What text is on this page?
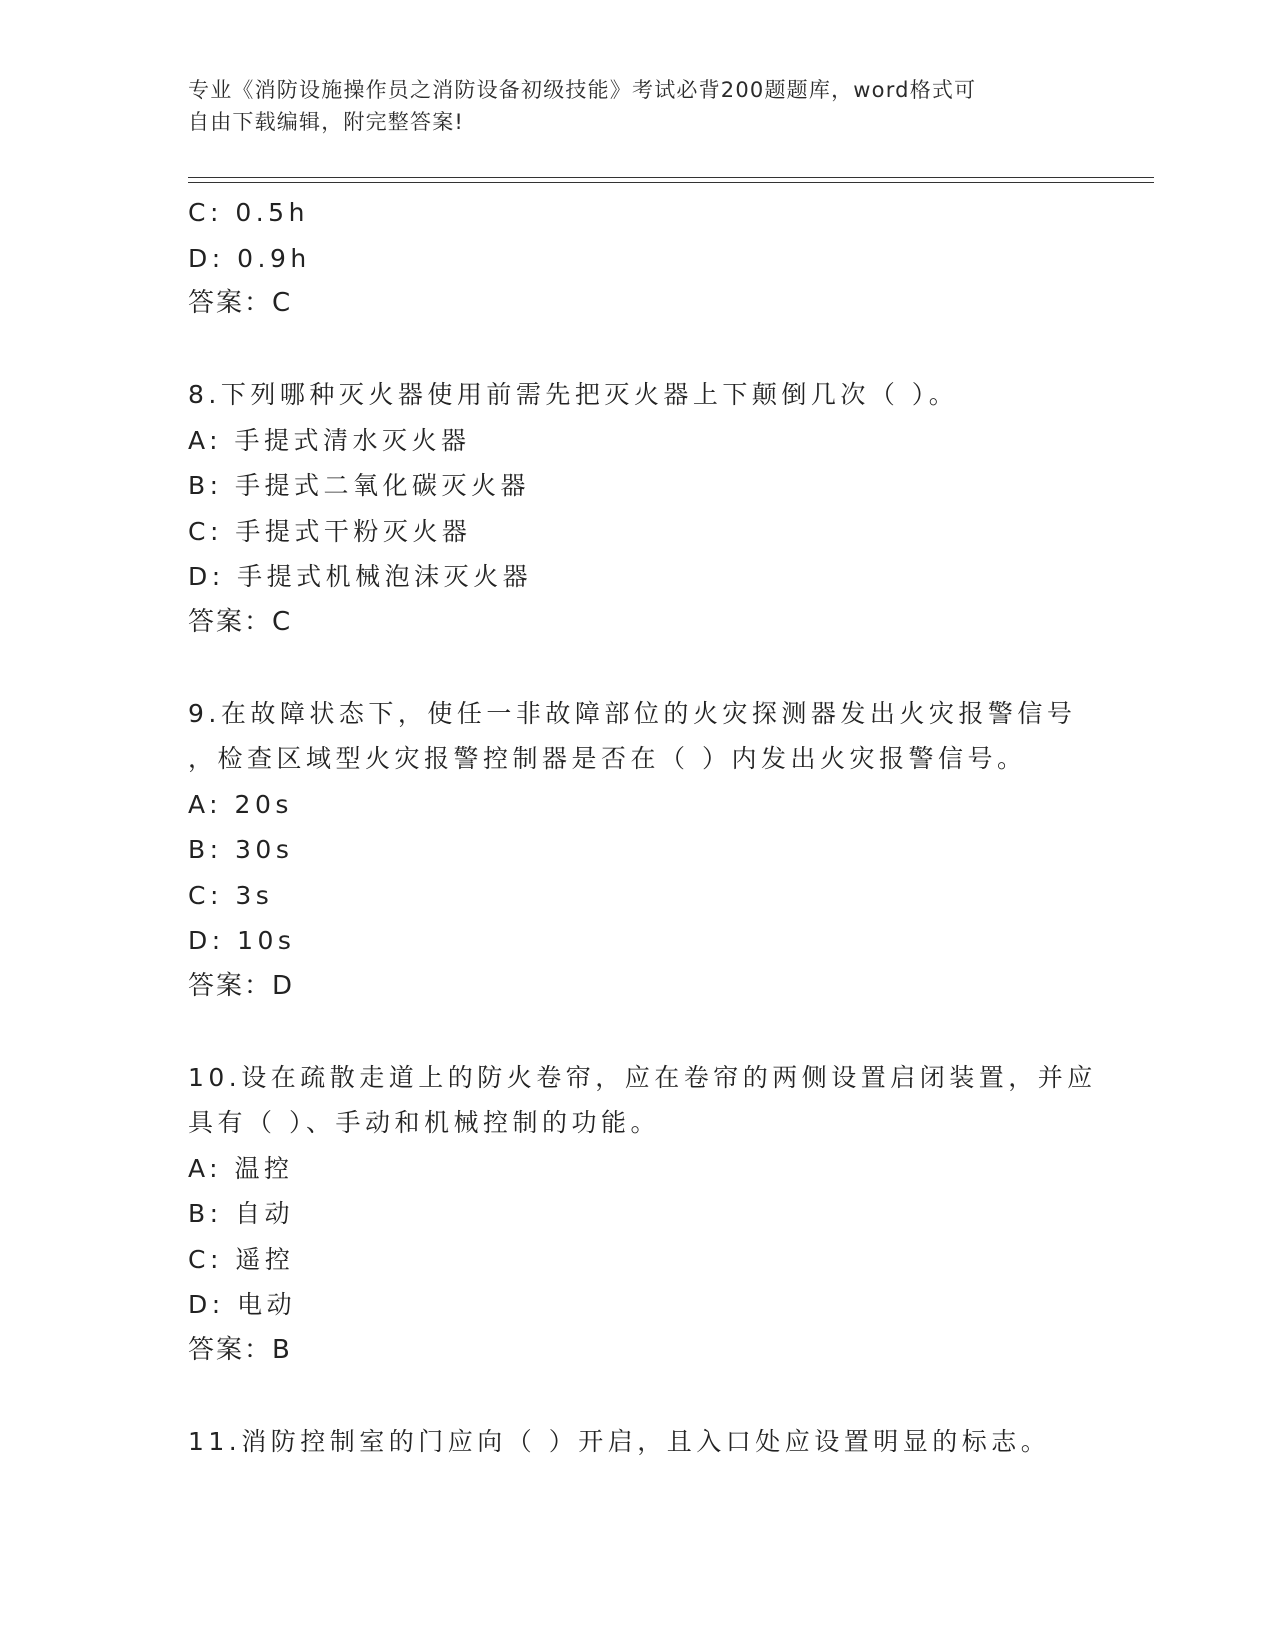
专业《消防设施操作员之消防设备初级技能》考试必背200题题库，word格式可
自由下载编辑，附完整答案!
C: 0.5h
D: 0.9h
答案：C
8.下列哪种灭火器使用前需先把灭火器上下颠倒几次（ ）。
A: 手提式清水灭火器
B: 手提式二氧化碳灭火器
C: 手提式干粉灭火器
D: 手提式机械泡沫灭火器
答案：C
9.在故障状态下，使任一非故障部位的火灾探测器发出火灾报警信号
，检查区域型火灾报警控制器是否在（ ）内发出火灾报警信号。
A: 20s
B: 30s
C: 3s
D: 10s
答案：D
10.设在疏散走道上的防火卷帘，应在卷帘的两侧设置启闭装置，并应
具有（ ）、手动和机械控制的功能。
A: 温控
B: 自动
C: 遥控
D: 电动
答案：B
11.消防控制室的门应向（ ）开启，且入口处应设置明显的标志。
